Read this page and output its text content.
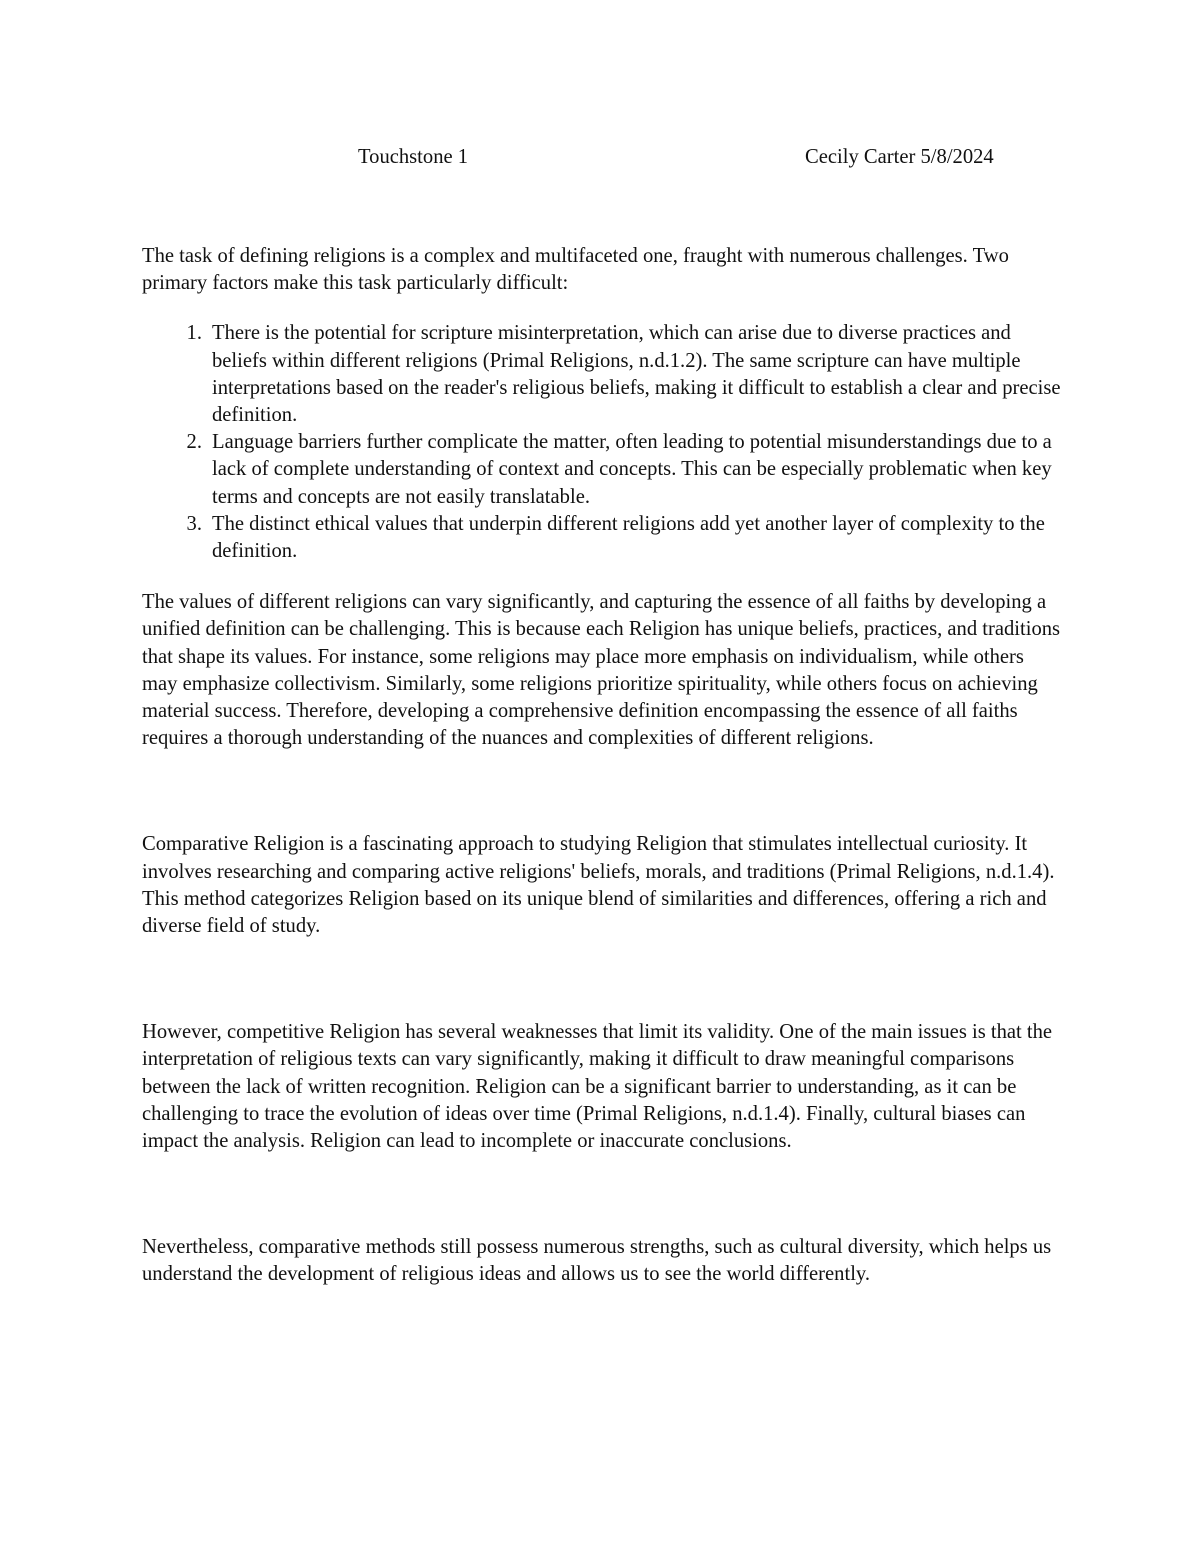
Touchstone 1	Cecily Carter 5/8/2024

The task of defining religions is a complex and multifaceted one, fraught with numerous challenges. Two primary factors make this task particularly difficult:

There is the potential for scripture misinterpretation, which can arise due to diverse practices and beliefs within different religions (Primal Religions, n.d.1.2). The same scripture can have multiple interpretations based on the reader's religious beliefs, making it difficult to establish a clear and precise definition.
Language barriers further complicate the matter, often leading to potential misunderstandings due to a lack of complete understanding of context and concepts. This can be especially problematic when key terms and concepts are not easily translatable.
The distinct ethical values that underpin different religions add yet another layer of complexity to the definition.

The values of different religions can vary significantly, and capturing the essence of all faiths by developing a unified definition can be challenging. This is because each Religion has unique beliefs, practices, and traditions that shape its values. For instance, some religions may place more emphasis on individualism, while others may emphasize collectivism. Similarly, some religions prioritize spirituality, while others focus on achieving material success. Therefore, developing a comprehensive definition encompassing the essence of all faiths requires a thorough understanding of the nuances and complexities of different religions.

Comparative Religion is a fascinating approach to studying Religion that stimulates intellectual curiosity. It involves researching and comparing active religions' beliefs, morals, and traditions (Primal Religions, n.d.1.4). This method categorizes Religion based on its unique blend of similarities and differences, offering a rich and diverse field of study.

However, competitive Religion has several weaknesses that limit its validity. One of the main issues is that the interpretation of religious texts can vary significantly, making it difficult to draw meaningful comparisons between the lack of written recognition. Religion can be a significant barrier to understanding, as it can be challenging to trace the evolution of ideas over time (Primal Religions, n.d.1.4). Finally, cultural biases can impact the analysis. Religion can lead to incomplete or inaccurate conclusions.

Nevertheless, comparative methods still possess numerous strengths, such as cultural diversity, which helps us understand the development of religious ideas and allows us to see the world differently.
